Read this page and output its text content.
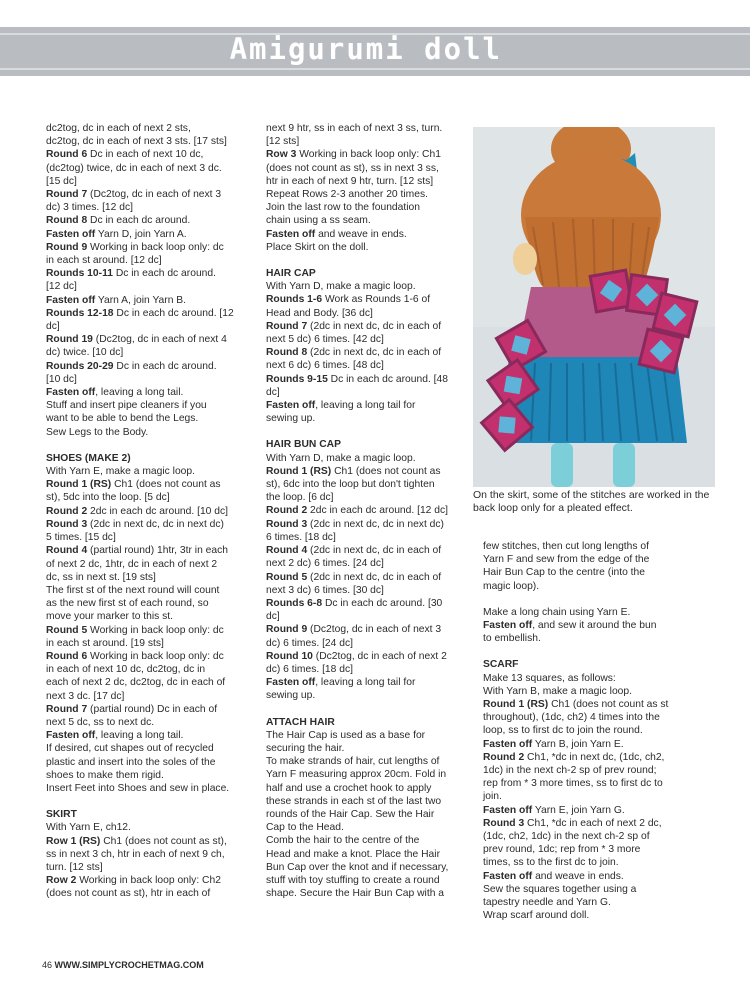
Amigurumi doll

dc2tog, dc in each of next 2 sts,

dc2tog, dc in each of next 3 sts. [17 sts]

Round 6 Dc in each of next 10 dc,

(dc2tog) twice, dc in each of next 3 dc.

[15 dc]

Round 7 (Dc2tog, dc in each of next 3

dc) 3 times. [12 dc]

Round 8 Dc in each dc around.

Fasten off Yarn D, join Yarn A.

Round 9 Working in back loop only: dc

in each st around. [12 dc]

Rounds 10-11 Dc in each dc around.

[12 dc]

Fasten off Yarn A, join Yarn B.

Rounds 12-18 Dc in each dc around. [12

dc]

Round 19 (Dc2tog, dc in each of next 4

dc) twice. [10 dc]

Rounds 20-29 Dc in each dc around.

[10 dc]

Fasten off, leaving a long tail.

Stuff and insert pipe cleaners if you

want to be able to bend the Legs.

Sew Legs to the Body.

SHOES (MAKE 2)

With Yarn E, make a magic loop.

Round 1 (RS) Ch1 (does not count as

st), 5dc into the loop. [5 dc]

Round 2 2dc in each dc around. [10 dc]

Round 3 (2dc in next dc, dc in next dc)

5 times. [15 dc]

Round 4 (partial round) 1htr, 3tr in each

of next 2 dc, 1htr, dc in each of next 2

dc, ss in next st. [19 sts]

The first st of the next round will count

as the new first st of each round, so

move your marker to this st.

Round 5 Working in back loop only: dc

in each st around. [19 sts]

Round 6 Working in back loop only: dc

in each of next 10 dc, dc2tog, dc in

each of next 2 dc, dc2tog, dc in each of

next 3 dc. [17 dc]

Round 7 (partial round) Dc in each of

next 5 dc, ss to next dc.

Fasten off, leaving a long tail.

If desired, cut shapes out of recycled

plastic and insert into the soles of the

shoes to make them rigid.

Insert Feet into Shoes and sew in place.

SKIRT

With Yarn E, ch12.

Row 1 (RS) Ch1 (does not count as st),

ss in next 3 ch, htr in each of next 9 ch,

turn. [12 sts]

Row 2 Working in back loop only: Ch2

(does not count as st), htr in each of

next 9 htr, ss in each of next 3 ss, turn.

[12 sts]

Row 3 Working in back loop only: Ch1

(does not count as st), ss in next 3 ss,

htr in each of next 9 htr, turn. [12 sts]

Repeat Rows 2-3 another 20 times.

Join the last row to the foundation

chain using a ss seam.

Fasten off and weave in ends.

Place Skirt on the doll.

HAIR CAP

With Yarn D, make a magic loop.

Rounds 1-6 Work as Rounds 1-6 of

Head and Body. [36 dc]

Round 7 (2dc in next dc, dc in each of

next 5 dc) 6 times. [42 dc]

Round 8 (2dc in next dc, dc in each of

next 6 dc) 6 times. [48 dc]

Rounds 9-15 Dc in each dc around. [48

dc]

Fasten off, leaving a long tail for

sewing up.

HAIR BUN CAP

With Yarn D, make a magic loop.

Round 1 (RS) Ch1 (does not count as

st), 6dc into the loop but don't tighten

the loop. [6 dc]

Round 2 2dc in each dc around. [12 dc]

Round 3 (2dc in next dc, dc in next dc)

6 times. [18 dc]

Round 4 (2dc in next dc, dc in each of

next 2 dc) 6 times. [24 dc]

Round 5 (2dc in next dc, dc in each of

next 3 dc) 6 times. [30 dc]

Rounds 6-8 Dc in each dc around. [30

dc]

Round 9 (Dc2tog, dc in each of next 3

dc) 6 times. [24 dc]

Round 10 (Dc2tog, dc in each of next 2

dc) 6 times. [18 dc]

Fasten off, leaving a long tail for

sewing up.

ATTACH HAIR

The Hair Cap is used as a base for

securing the hair.

To make strands of hair, cut lengths of

Yarn F measuring approx 20cm. Fold in

half and use a crochet hook to apply

these strands in each st of the last two

rounds of the Hair Cap. Sew the Hair

Cap to the Head.

Comb the hair to the centre of the

Head and make a knot. Place the Hair

Bun Cap over the knot and if necessary,

stuff with toy stuffing to create a round

shape. Secure the Hair Bun Cap with a

On the skirt, some of the stitches are worked in the back loop only for a pleated effect.

few stitches, then cut long lengths of

Yarn F and sew from the edge of the

Hair Bun Cap to the centre (into the

magic loop).

Make a long chain using Yarn E.

Fasten off, and sew it around the bun

to embellish.

SCARF

Make 13 squares, as follows:

With Yarn B, make a magic loop.

Round 1 (RS) Ch1 (does not count as st

throughout), (1dc, ch2) 4 times into the

loop, ss to first dc to join the round.

Fasten off Yarn B, join Yarn E.

Round 2 Ch1, *dc in next dc, (1dc, ch2,

1dc) in the next ch-2 sp of prev round;

rep from * 3 more times, ss to first dc to

join.

Fasten off Yarn E, join Yarn G.

Round 3 Ch1, *dc in each of next 2 dc,

(1dc, ch2, 1dc) in the next ch-2 sp of

prev round, 1dc; rep from * 3 more

times, ss to the first dc to join.

Fasten off and weave in ends.

Sew the squares together using a

tapestry needle and Yarn G.

Wrap scarf around doll.

46 WWW.SIMPLYCROCHETMAG.COM
